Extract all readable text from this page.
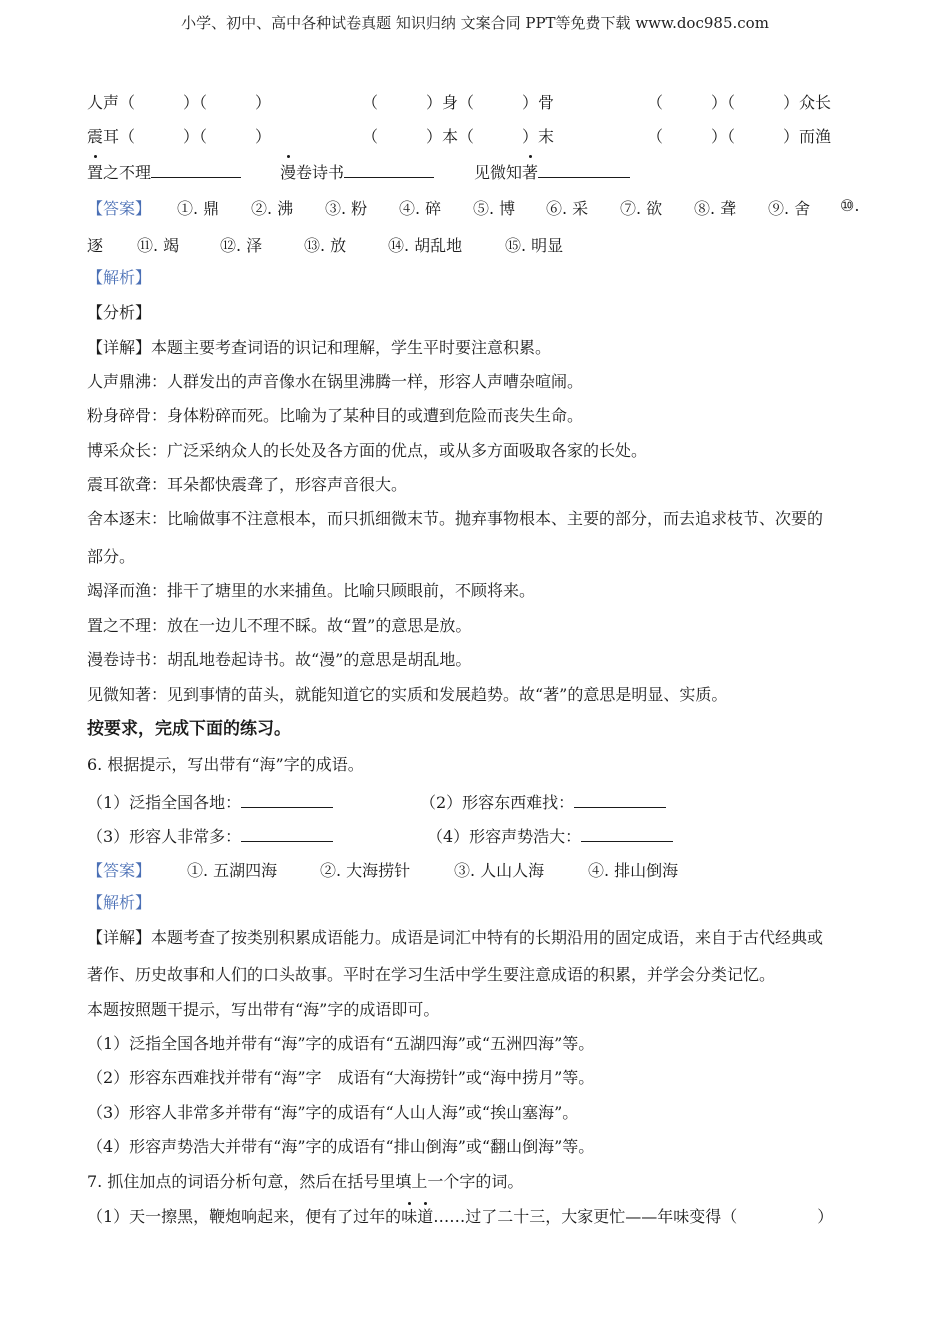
小学、初中、高中各种试卷真题 知识归纳 文案合同 PPT等免费下载 www.doc985.com
人声（　　　）（　　　）	（　　　）身（　　　）骨	（　　　）（　　　）众长
震耳（　　　）（　　　）	（　　　）本（　　　）末	（　　　）（　　　）而渔
置之不理	漫卷诗书	见微知著
【答案】 ①. 鼎 ②. 沸 ③. 粉 ④. 碎 ⑤. 博 ⑥. 采 ⑦. 欲 ⑧. 聋 ⑨. 舍 ⑩.
逐 ⑪. 竭	⑫. 泽	⑬. 放	⑭. 胡乱地	⑮. 明显
【解析】
【分析】
【详解】本题主要考查词语的识记和理解，学生平时要注意积累。
人声鼎沸：人群发出的声音像水在锅里沸腾一样，形容人声嘈杂喧闹。
粉身碎骨：身体粉碎而死。比喻为了某种目的或遭到危险而丧失生命。
博采众长：广泛采纳众人的长处及各方面的优点，或从多方面吸取各家的长处。
震耳欲聋：耳朵都快震聋了，形容声音很大。
舍本逐末：比喻做事不注意根本，而只抓细微末节。抛弃事物根本、主要的部分，而去追求枝节、次要的
部分。
竭泽而渔：排干了塘里的水来捕鱼。比喻只顾眼前，不顾将来。
置之不理：放在一边儿不理不睬。故“置”的意思是放。
漫卷诗书：胡乱地卷起诗书。故“漫”的意思是胡乱地。
见微知著：见到事情的苗头，就能知道它的实质和发展趋势。故“著”的意思是明显、实质。
按要求，完成下面的练习。
6. 根据提示，写出带有“海”字的成语。
（1）泛指全国各地：	（2）形容东西难找：
（3）形容人非常多：	（4）形容声势浩大：
【答案】 ①. 五湖四海	②. 大海捞针	③. 人山人海	④. 排山倒海
【解析】
【详解】本题考查了按类别积累成语能力。成语是词汇中特有的长期沿用的固定成语，来自于古代经典或
著作、历史故事和人们的口头故事。平时在学习生活中学生要注意成语的积累，并学会分类记忆。
本题按照题干提示，写出带有“海”字的成语即可。
（1）泛指全国各地并带有“海”字的成语有“五湖四海”或“五洲四海”等。
（2）形容东西难找并带有“海”字　成语有“大海捞针”或“海中捞月”等。
（3）形容人非常多并带有“海”字的成语有“人山人海”或“挨山塞海”。
（4）形容声势浩大并带有“海”字的成语有“排山倒海”或“翻山倒海”等。
7. 抓住加点的词语分析句意，然后在括号里填上一个字的词。
（1）天一擦黑，鞭炮响起来，便有了过年的味道……过了二十三，大家更忙——年味变得（　　　　　）
